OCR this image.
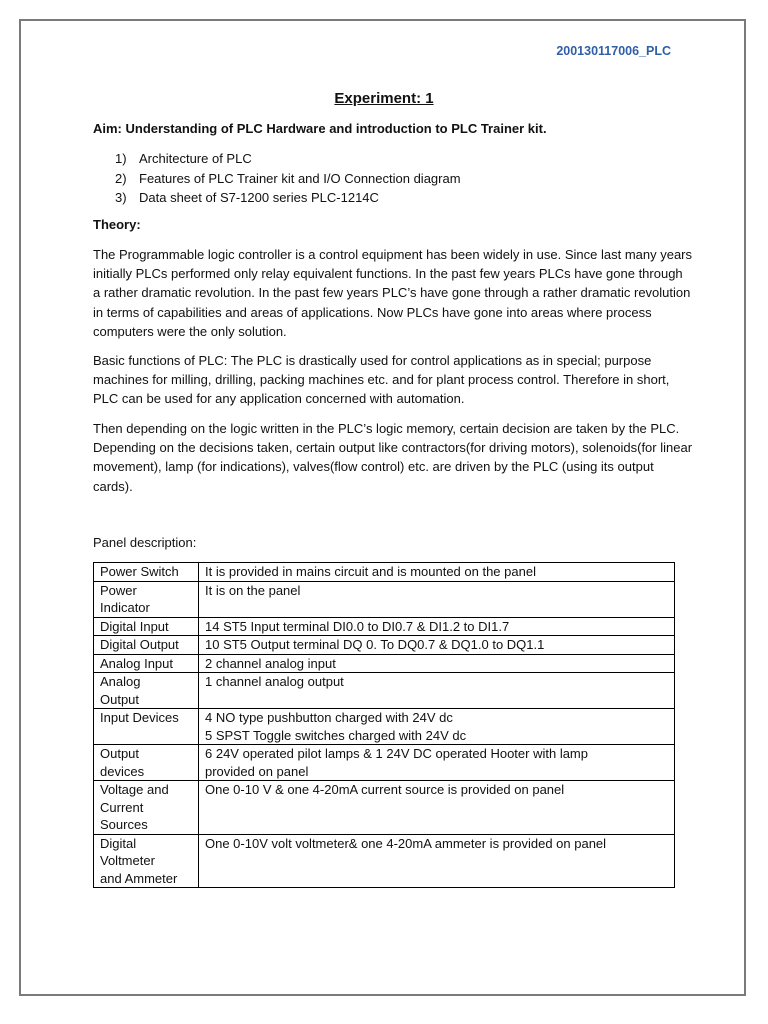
200130117006_PLC
Experiment: 1
Aim: Understanding of PLC Hardware and introduction to PLC Trainer kit.
1) Architecture of PLC
2) Features of PLC Trainer kit and I/O Connection diagram
3) Data sheet of S7-1200 series PLC-1214C
Theory:

The Programmable logic controller is a control equipment has been widely in use. Since last many years initially PLCs performed only relay equivalent functions. In the past few years PLCs have gone through a rather dramatic revolution. In the past few years PLC’s have gone through a rather dramatic revolution in terms of capabilities and areas of applications. Now PLCs have gone into areas where process computers were the only solution.

Basic functions of PLC: The PLC is drastically used for control applications as in special; purpose machines for milling, drilling, packing machines etc. and for plant process control. Therefore in short, PLC can be used for any application concerned with automation.

Then depending on the logic written in the PLC’s logic memory, certain decision are taken by the PLC. Depending on the decisions taken, certain output like contractors(for driving motors), solenoids(for linear movement), lamp (for indications), valves(flow control) etc. are driven by the PLC (using its output cards).

Panel description:
Power Switch	It is provided in mains circuit and is mounted on the panel

Power
Indicator	It is on the panel

Digital Input	14 ST5 Input terminal DI0.0 to DI0.7 & DI1.2 to DI1.7

Digital Output	10 ST5 Output terminal DQ 0. To DQ0.7 & DQ1.0 to DQ1.1

Analog Input	2 channel analog input

Analog
Output	1 channel analog output

Input Devices	4 NO type pushbutton charged with 24V dc
5 SPST Toggle switches charged with 24V dc

Output
devices	6 24V operated pilot lamps & 1 24V DC operated Hooter with lamp
provided on panel

Voltage and
Current
Sources	One 0-10 V & one 4-20mA current source is provided on panel

Digital
Voltmeter
and Ammeter	One 0-10V volt voltmeter& one 4-20mA ammeter is provided on panel
